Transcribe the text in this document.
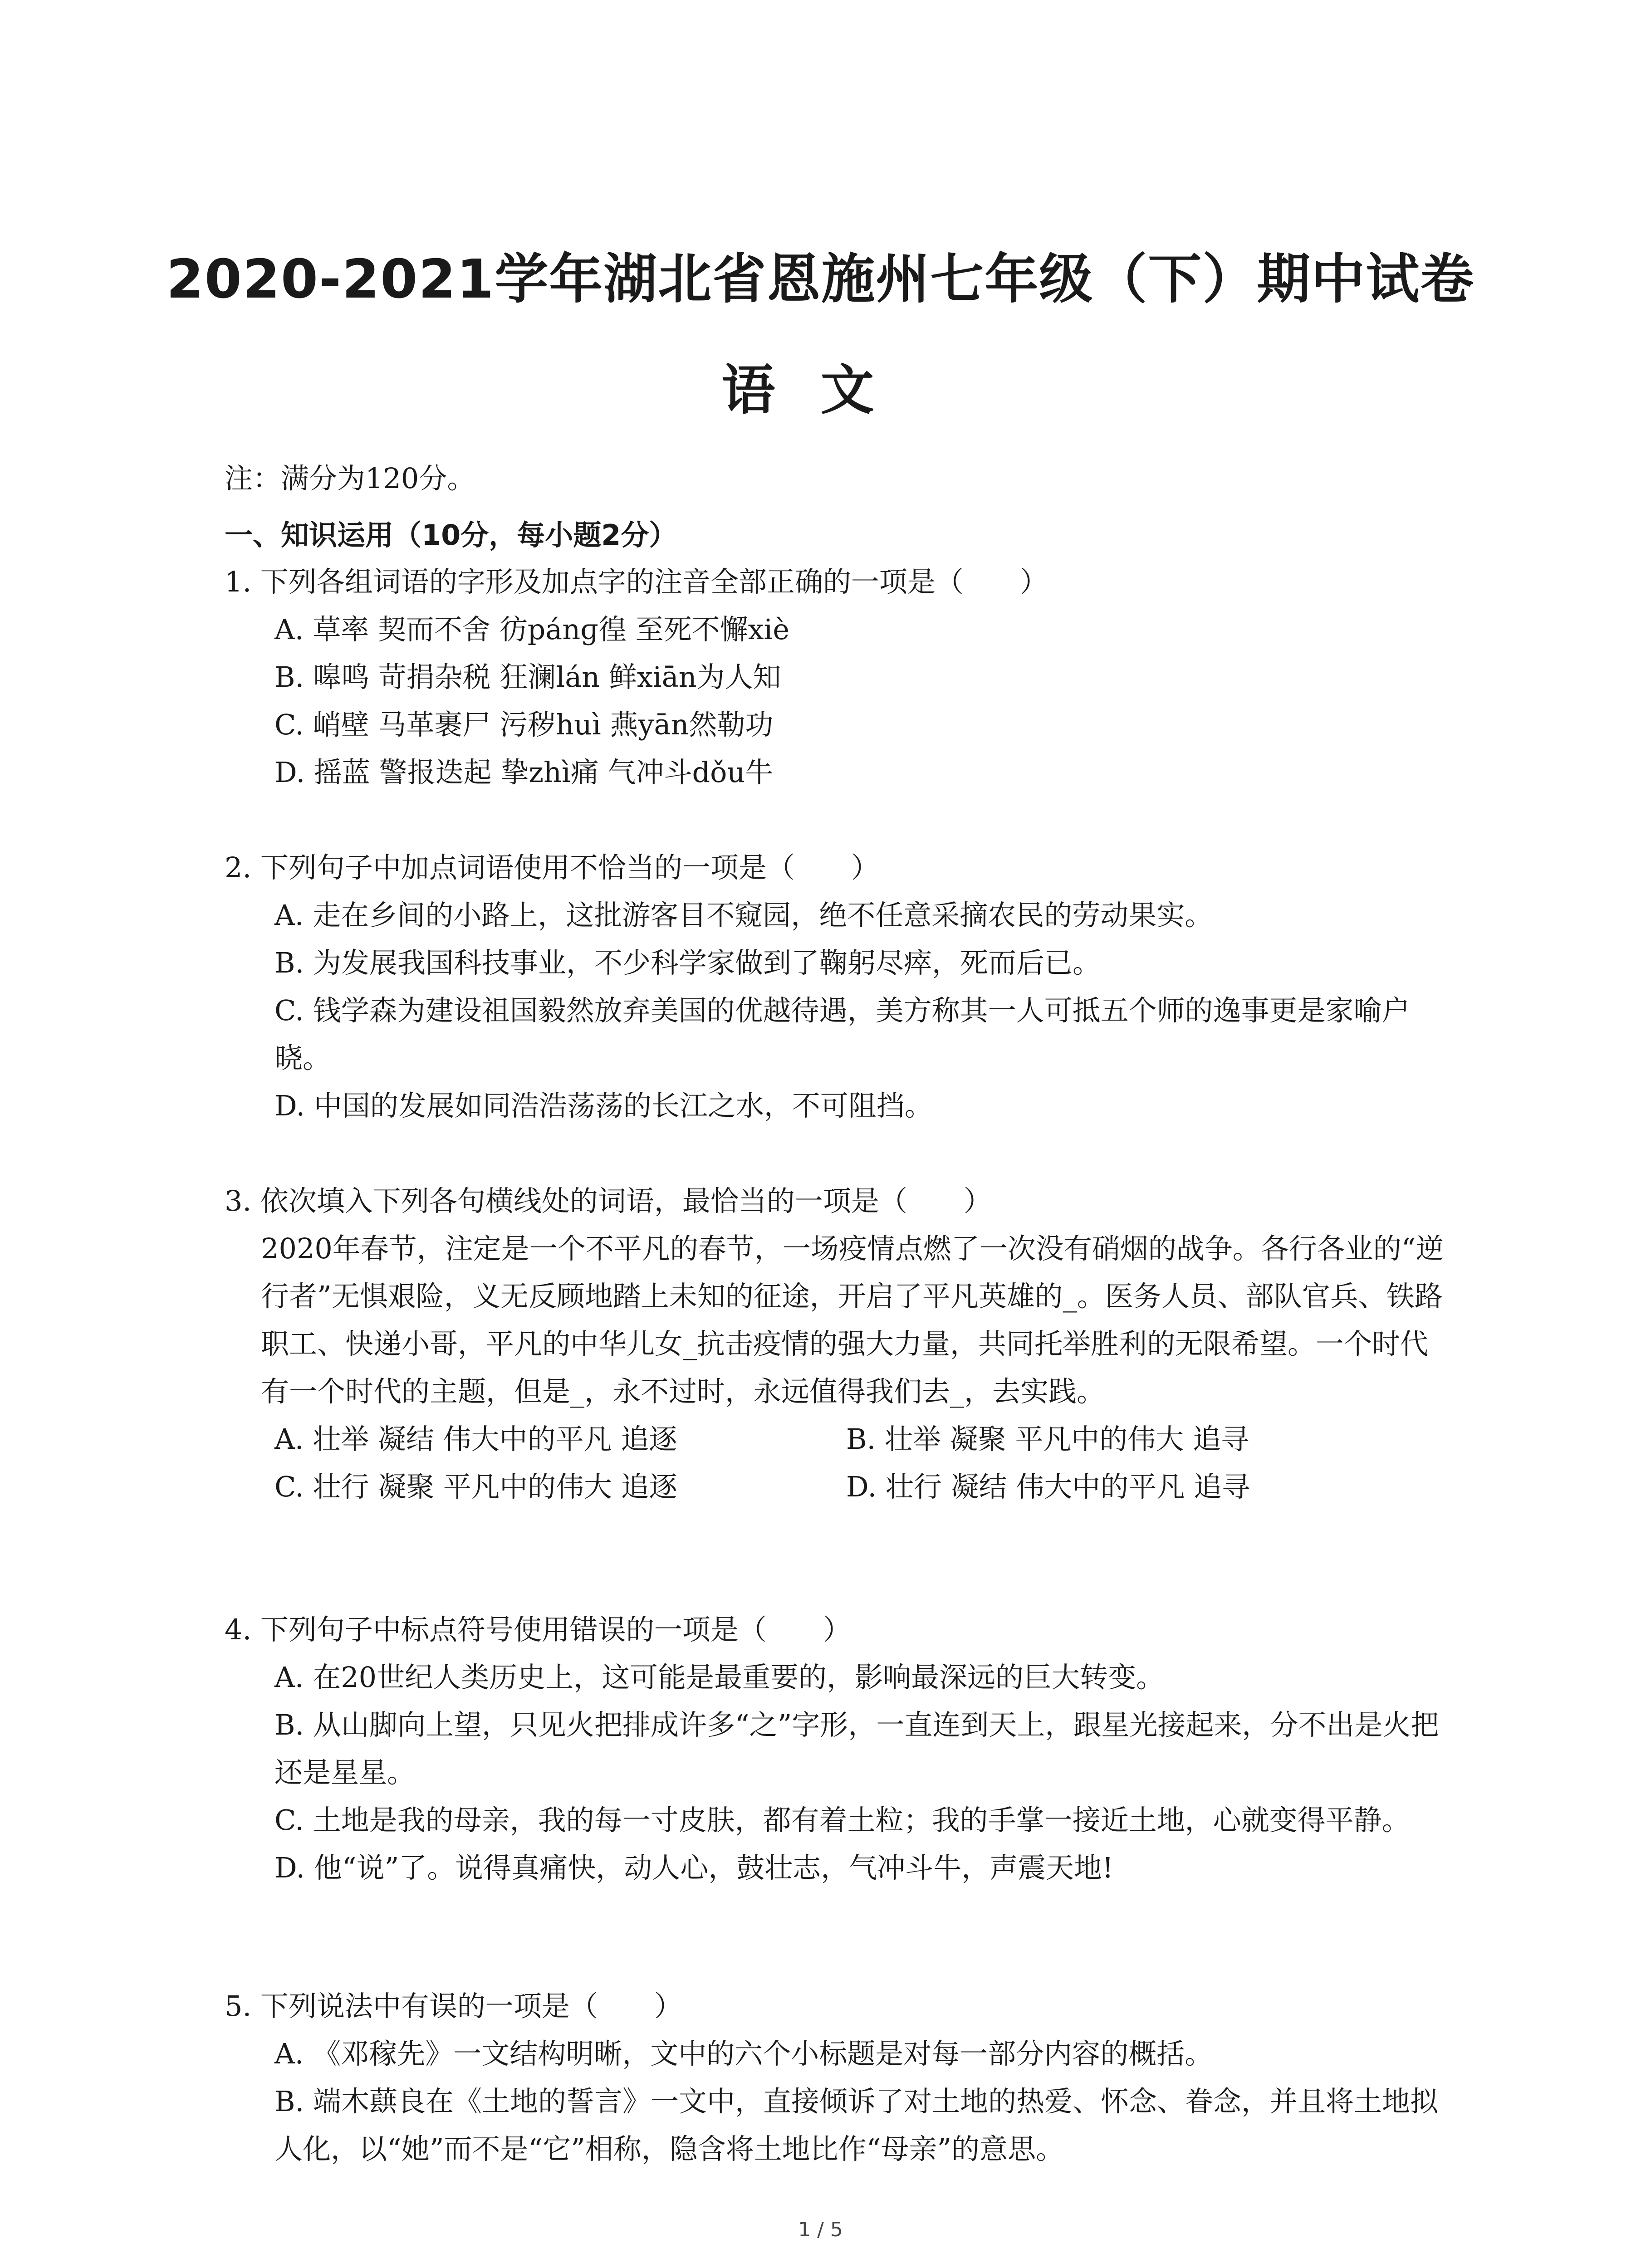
2020-2021学年湖北省恩施州七年级（下）期中试卷
语文
注：满分为120分。
一、知识运用（10分，每小题2分）
1. 下列各组词语的字形及加点字的注音全部正确的一项是（　　）
A. 草率 契而不舍 彷pánɡ徨 至死不懈xiè
B. 嗥鸣 苛捐杂税 狂澜lán 鲜xiān为人知
C. 峭壁 马革裹尸 污秽huì 燕yān然勒功
D. 摇蓝 警报迭起 挚zhì痛 气冲斗dǒu牛
2. 下列句子中加点词语使用不恰当的一项是（　　）
A. 走在乡间的小路上，这批游客目不窥园，绝不任意采摘农民的劳动果实。
B. 为发展我国科技事业，不少科学家做到了鞠躬尽瘁，死而后已。
C. 钱学森为建设祖国毅然放弃美国的优越待遇，美方称其一人可抵五个师的逸事更是家喻户晓。
D. 中国的发展如同浩浩荡荡的长江之水，不可阻挡。
3. 依次填入下列各句横线处的词语，最恰当的一项是（　　）
2020年春节，注定是一个不平凡的春节，一场疫情点燃了一次没有硝烟的战争。各行各业的“逆行者”无惧艰险，义无反顾地踏上未知的征途，开启了平凡英雄的_。医务人员、部队官兵、铁路职工、快递小哥，平凡的中华儿女_抗击疫情的强大力量，共同托举胜利的无限希望。一个时代有一个时代的主题，但是_，永不过时，永远值得我们去_，去实践。
A. 壮举 凝结 伟大中的平凡 追逐	B. 壮举 凝聚 平凡中的伟大 追寻
C. 壮行 凝聚 平凡中的伟大 追逐	D. 壮行 凝结 伟大中的平凡 追寻
4. 下列句子中标点符号使用错误的一项是（　　）
A. 在20世纪人类历史上，这可能是最重要的，影响最深远的巨大转变。
B. 从山脚向上望，只见火把排成许多“之”字形，一直连到天上，跟星光接起来，分不出是火把还是星星。
C. 土地是我的母亲，我的每一寸皮肤，都有着土粒；我的手掌一接近土地，心就变得平静。
D. 他“说”了。说得真痛快，动人心，鼓壮志，气冲斗牛，声震天地!
5. 下列说法中有误的一项是（　　）
A. 《邓稼先》一文结构明晰，文中的六个小标题是对每一部分内容的概括。
B. 端木蕻良在《土地的誓言》一文中，直接倾诉了对土地的热爱、怀念、眷念，并且将土地拟人化，以“她”而不是“它”相称，隐含将土地比作“母亲”的意思。
1 / 5
